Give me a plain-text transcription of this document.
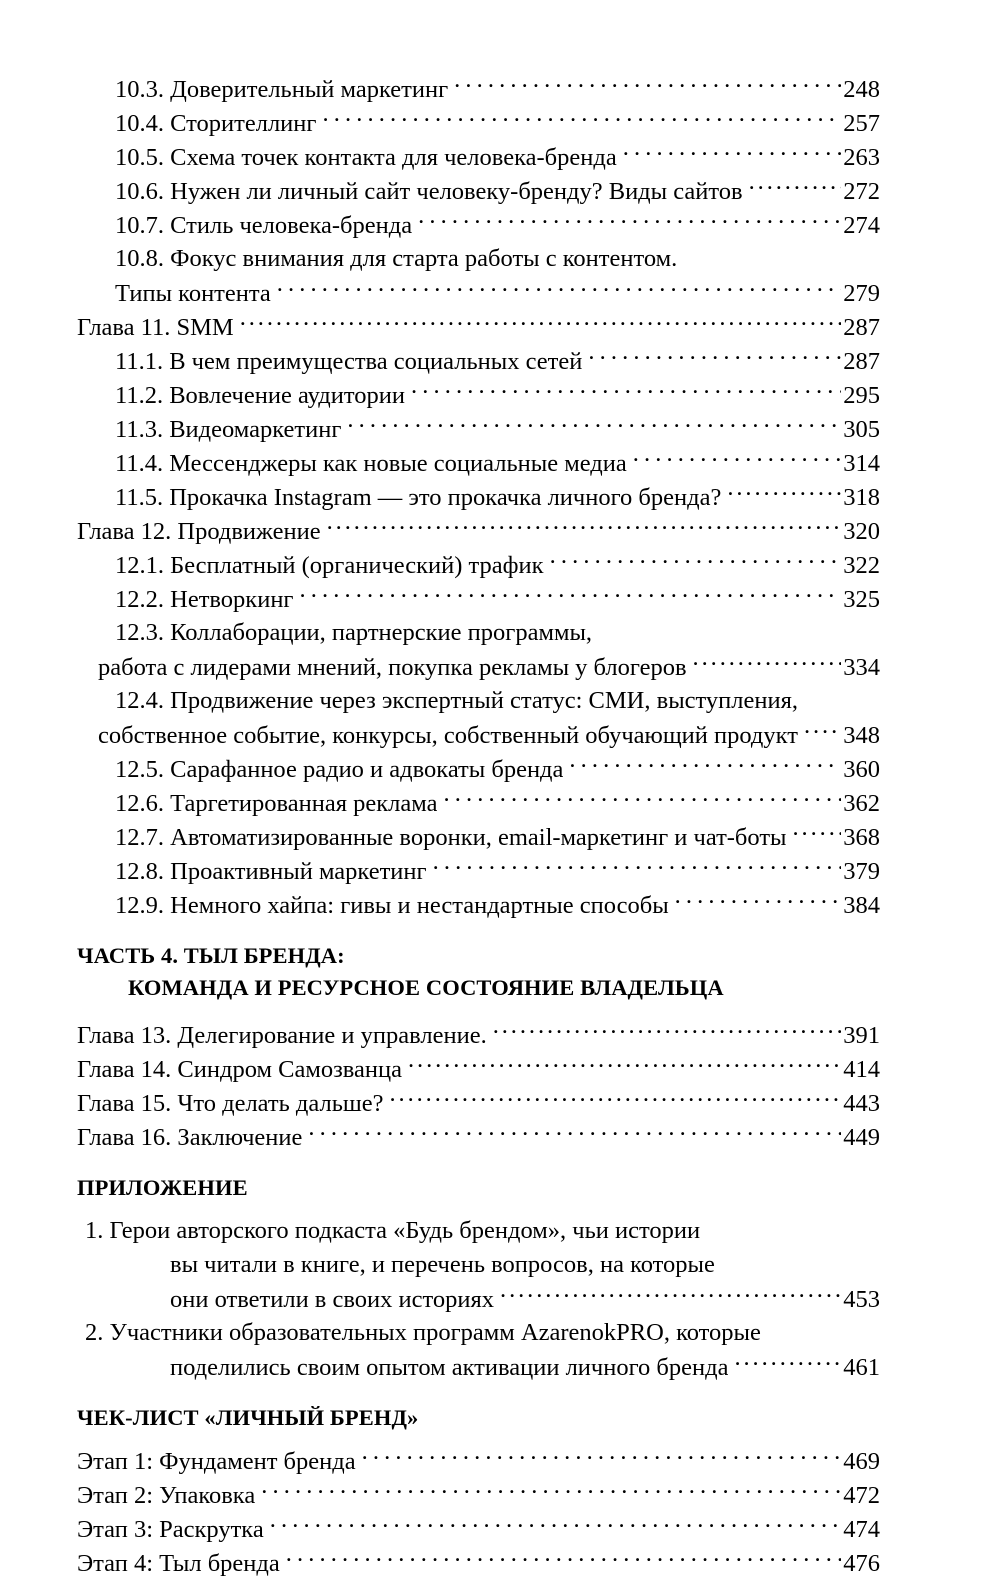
10.3. Доверительный маркетинг . . .	248
10.4. Сторителлинг . . .	257
10.5. Схема точек контакта для человека-бренда . . .	263
10.6. Нужен ли личный сайт человеку-бренду? Виды сайтов . . .	272
10.7. Стиль человека-бренда . . .	274
10.8. Фокус внимания для старта работы с контентом.
Типы контента . . .	279
Глава 11. SMM . . .	287
11.1. В чем преимущества социальных сетей . . .	287
11.2. Вовлечение аудитории . . .	295
11.3. Видеомаркетинг . . .	305
11.4. Мессенджеры как новые социальные медиа . . .	314
11.5. Прокачка Instagram — это прокачка личного бренда? . . .	318
Глава 12. Продвижение . . .	320
12.1. Бесплатный (органический) трафик . . .	322
12.2. Нетворкинг . . .	325
12.3. Коллаборации, партнерские программы,
работа с лидерами мнений, покупка рекламы у блогеров . . .	334
12.4. Продвижение через экспертный статус: СМИ, выступления,
собственное событие, конкурсы, собственный обучающий продукт . . . 348
12.5. Сарафанное радио и адвокаты бренда . . .	360
12.6. Таргетированная реклама . . .	362
12.7. Автоматизированные воронки, email-маркетинг и чат-боты . . . 368
12.8. Проактивный маркетинг . . .	379
12.9. Немного хайпа: гивы и нестандартные способы . . .	384
ЧАСТЬ 4. ТЫЛ БРЕНДА:
КОМАНДА И РЕСУРСНОЕ СОСТОЯНИЕ ВЛАДЕЛЬЦА
Глава 13. Делегирование и управление. . . .	391
Глава 14. Синдром Самозванца . . .	414
Глава 15. Что делать дальше? . . .	443
Глава 16. Заключение . . .	449
ПРИЛОЖЕНИЕ
1. Герои авторского подкаста «Будь брендом», чьи истории
вы читали в книге, и перечень вопросов, на которые
они ответили в своих историях . . .	453
2. Участники образовательных программ AzarenokPRO, которые
поделились своим опытом активации личного бренда . . .	461
ЧЕК-ЛИСТ «ЛИЧНЫЙ БРЕНД»
Этап 1: Фундамент бренда . . .	469
Этап 2: Упаковка . . .	472
Этап 3: Раскрутка . . .	474
Этап 4: Тыл бренда . . .	476
